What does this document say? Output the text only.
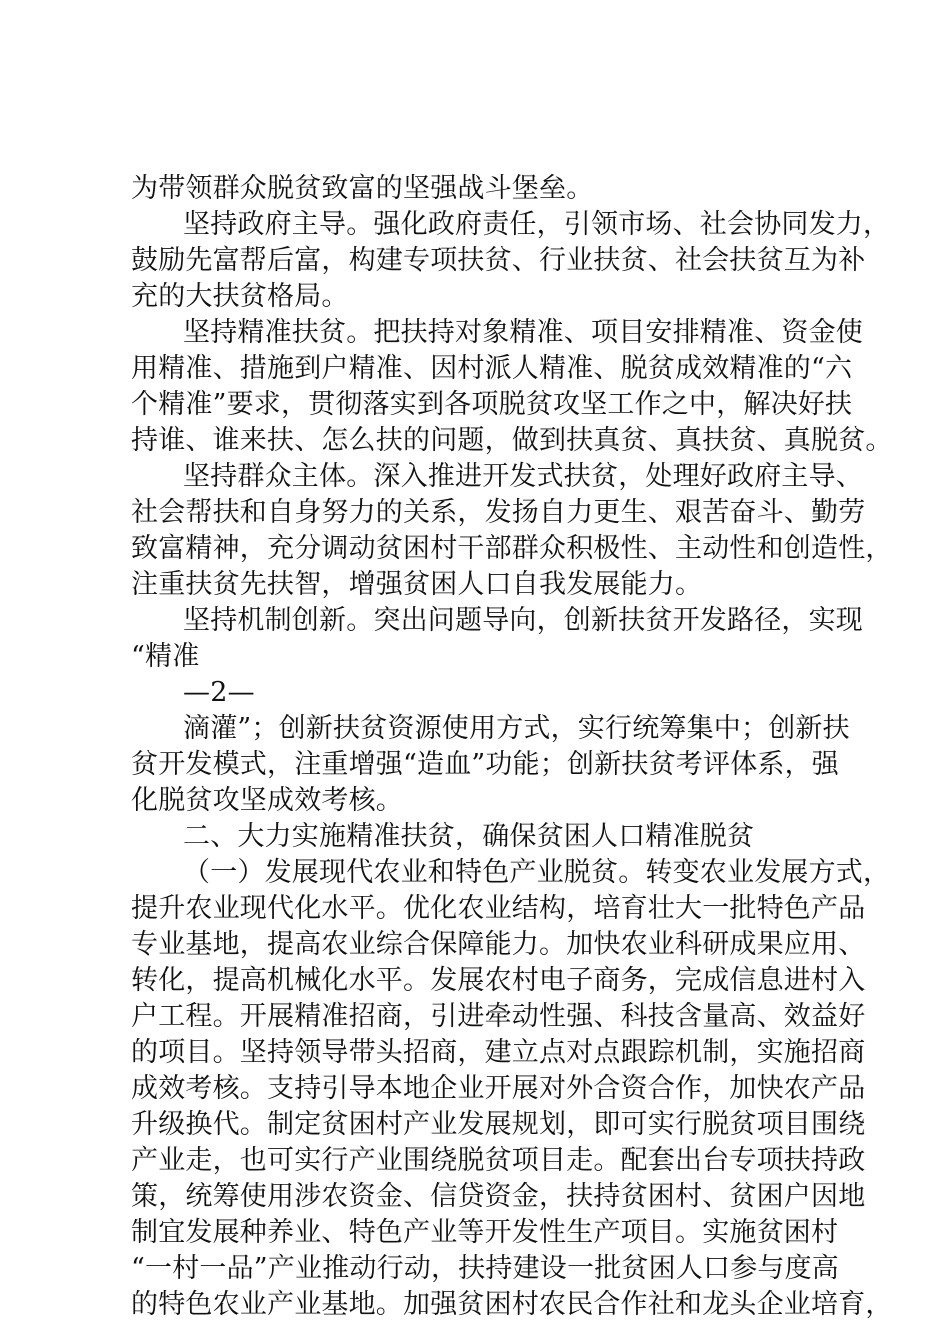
为带领群众脱贫致富的坚强战斗堡垒。
坚持政府主导。强化政府责任，引领市场、社会协同发力，
鼓励先富帮后富，构建专项扶贫、行业扶贫、社会扶贫互为补
充的大扶贫格局。
坚持精准扶贫。把扶持对象精准、项目安排精准、资金使
用精准、措施到户精准、因村派人精准、脱贫成效精准的“六
个精准”要求，贯彻落实到各项脱贫攻坚工作之中，解决好扶
持谁、谁来扶、怎么扶的问题，做到扶真贫、真扶贫、真脱贫。
坚持群众主体。深入推进开发式扶贫，处理好政府主导、
社会帮扶和自身努力的关系，发扬自力更生、艰苦奋斗、勤劳
致富精神，充分调动贫困村干部群众积极性、主动性和创造性，
注重扶贫先扶智，增强贫困人口自我发展能力。
坚持机制创新。突出问题导向，创新扶贫开发路径，实现
“精准
—2—
滴灌”；创新扶贫资源使用方式，实行统筹集中；创新扶
贫开发模式，注重增强“造血”功能；创新扶贫考评体系，强
化脱贫攻坚成效考核。
二、大力实施精准扶贫，确保贫困人口精准脱贫
（一）发展现代农业和特色产业脱贫。转变农业发展方式，
提升农业现代化水平。优化农业结构，培育壮大一批特色产品
专业基地，提高农业综合保障能力。加快农业科研成果应用、
转化，提高机械化水平。发展农村电子商务，完成信息进村入
户工程。开展精准招商，引进牵动性强、科技含量高、效益好
的项目。坚持领导带头招商，建立点对点跟踪机制，实施招商
成效考核。支持引导本地企业开展对外合资合作，加快农产品
升级换代。制定贫困村产业发展规划，即可实行脱贫项目围绕
产业走，也可实行产业围绕脱贫项目走。配套出台专项扶持政
策，统筹使用涉农资金、信贷资金，扶持贫困村、贫困户因地
制宜发展种养业、特色产业等开发性生产项目。实施贫困村
“一村一品”产业推动行动，扶持建设一批贫困人口参与度高
的特色农业产业基地。加强贫困村农民合作社和龙头企业培育，
